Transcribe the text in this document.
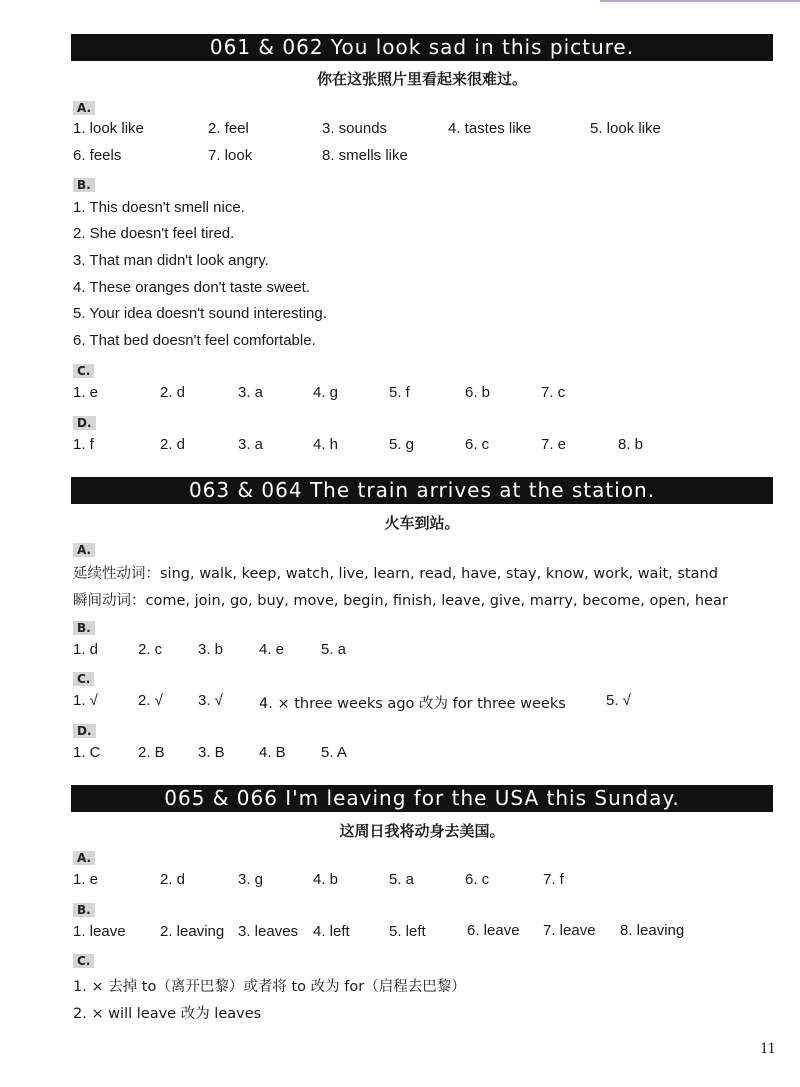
061 & 062 You look sad in this picture.
你在这张照片里看起来很难过。
A.
1. look like	2. feel	3. sounds	4. tastes like	5. look like
6. feels	7. look	8. smells like
B.
1. This doesn't smell nice.
2. She doesn't feel tired.
3. That man didn't look angry.
4. These oranges don't taste sweet.
5. Your idea doesn't sound interesting.
6. That bed doesn't feel comfortable.
C.
1. e	2. d	3. a	4. g	5. f	6. b	7. c
D.
1. f	2. d	3. a	4. h	5. g	6. c	7. e	8. b
063 & 064 The train arrives at the station.
火车到站。
A.
延续性动词：sing, walk, keep, watch, live, learn, read, have, stay, know, work, wait, stand
瞬间动词：come, join, go, buy, move, begin, finish, leave, give, marry, become, open, hear
B.
1. d	2. c 3. b 4. e 5. a
C.
1. √	2. √ 3. √ 4. × three weeks ago 改为 for three weeks	5. √
D.
1. C 2. B 3. B 4. B 5. A
065 & 066 I'm leaving for the USA this Sunday.
这周日我将动身去美国。
A.
1. e	2. d	3. g	4. b	5. a	6. c	7. f
B.
1. leave 2. leaving 3. leaves 4. left	5. left	6. leave 7. leave 8. leaving
C.
1. × 去掉 to（离开巴黎）或者将 to 改为 for（启程去巴黎）
2. × will leave 改为 leaves
11
